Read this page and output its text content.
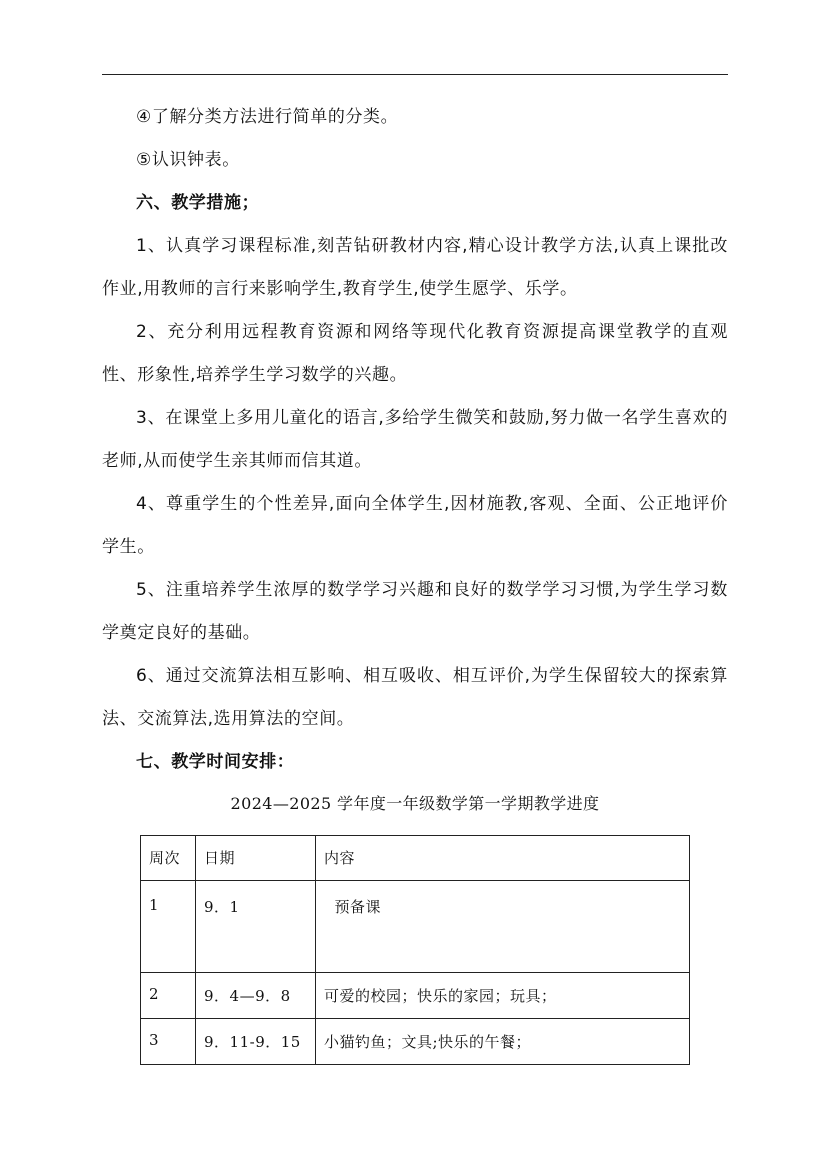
④了解分类方法进行简单的分类。

⑤认识钟表。

六、教学措施；

1、认真学习课程标准,刻苦钻研教材内容,精心设计教学方法,认真上课批改作业,用教师的言行来影响学生,教育学生,使学生愿学、乐学。

2、充分利用远程教育资源和网络等现代化教育资源提高课堂教学的直观性、形象性,培养学生学习数学的兴趣。

3、在课堂上多用儿童化的语言,多给学生微笑和鼓励,努力做一名学生喜欢的老师,从而使学生亲其师而信其道。

4、尊重学生的个性差异,面向全体学生,因材施教,客观、全面、公正地评价学生。

5、注重培养学生浓厚的数学学习兴趣和良好的数学学习习惯,为学生学习数学奠定良好的基础。

6、通过交流算法相互影响、相互吸收、相互评价,为学生保留较大的探索算法、交流算法,选用算法的空间。

七、教学时间安排：

2024—2025 学年度一年级数学第一学期教学进度
周次	日期	内容
1	9．1	预备课
2	9．4—9．8	可爱的校园；快乐的家园；玩具；
3	9．11-9．15	小猫钓鱼；文具;快乐的午餐；
